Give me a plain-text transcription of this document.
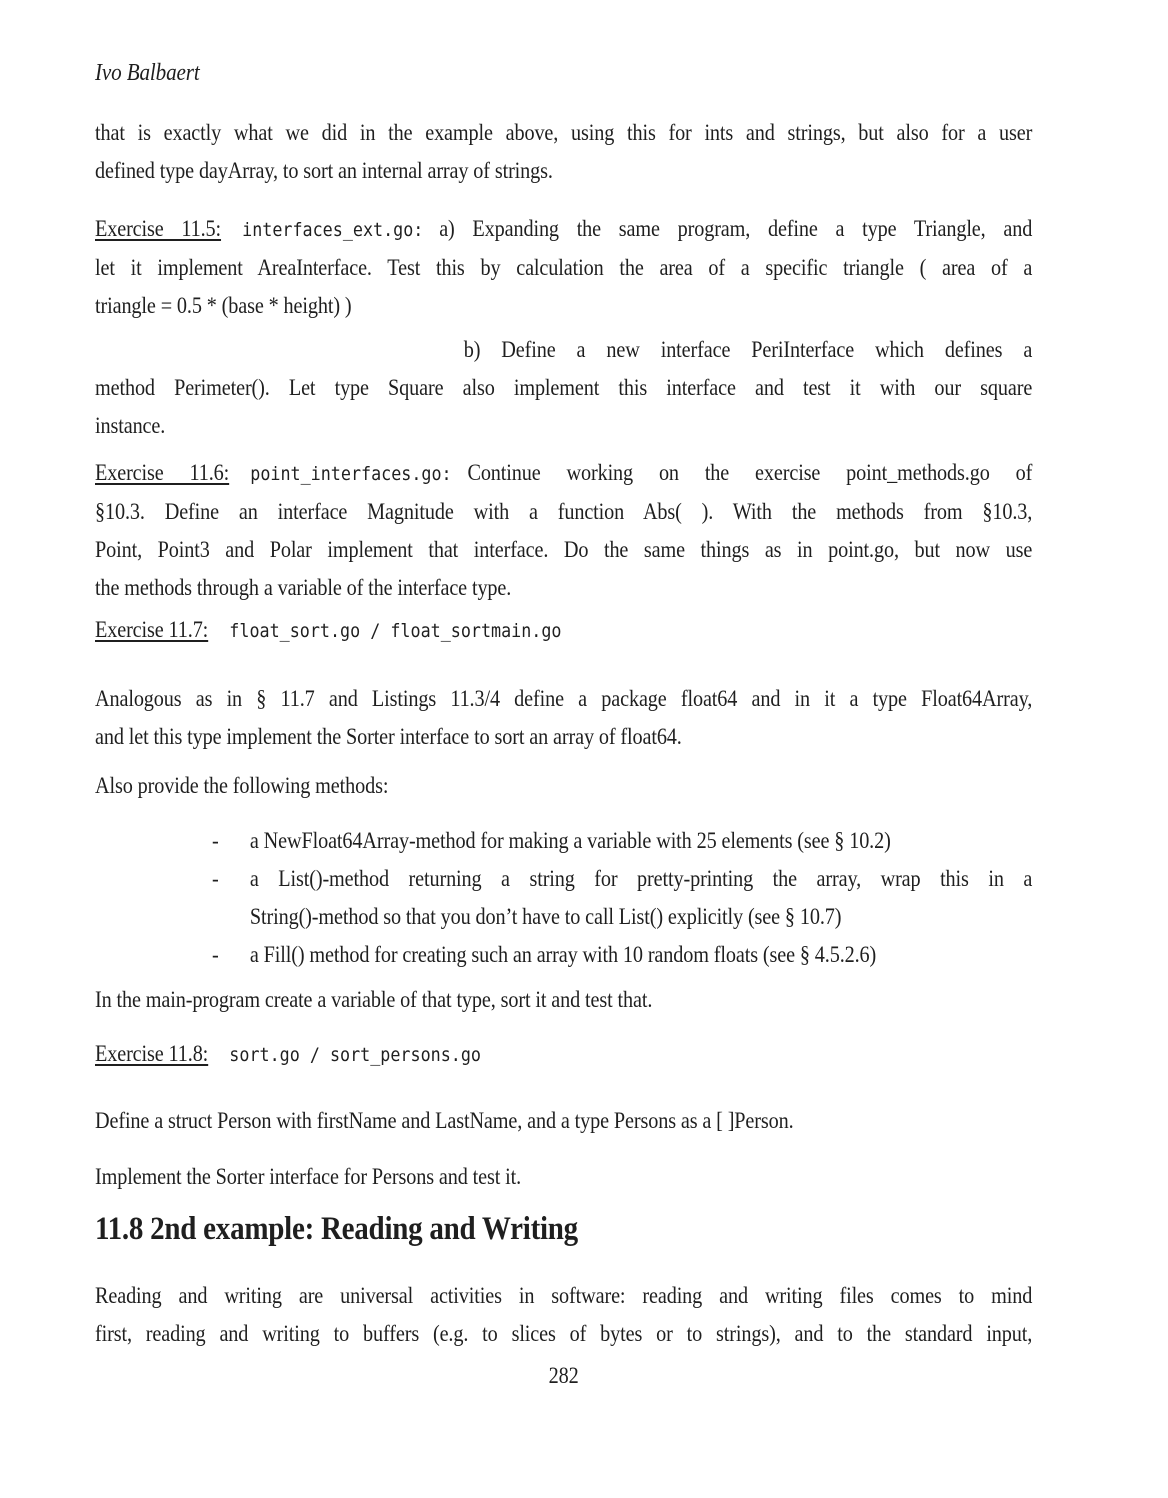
Ivo Balbaert
that is exactly what we did in the example above, using this for ints and strings, but also for a user
defined type dayArray, to sort an internal array of strings.
Exercise 11.5: interfaces_ext.go: a) Expanding the same program, define a type Triangle, and
let it implement AreaInterface. Test this by calculation the area of a specific triangle ( area of a
triangle = 0.5 * (base * height) )
b) Define a new interface PeriInterface which defines a
method Perimeter(). Let type Square also implement this interface and test it with our square
instance.
Exercise 11.6: point_interfaces.go: Continue working on the exercise point_methods.go of
§10.3. Define an interface Magnitude with a function Abs( ). With the methods from §10.3,
Point, Point3 and Polar implement that interface. Do the same things as in point.go, but now use
the methods through a variable of the interface type.
Exercise 11.7: float_sort.go / float_sortmain.go
Analogous as in § 11.7 and Listings 11.3/4 define a package float64 and in it a type Float64Array,
and let this type implement the Sorter interface to sort an array of float64.
Also provide the following methods:
- a NewFloat64Array-method for making a variable with 25 elements (see § 10.2)
- a List()-method returning a string for pretty-printing the array, wrap this in a
String()-method so that you don’t have to call List() explicitly (see § 10.7)
- a Fill() method for creating such an array with 10 random floats (see § 4.5.2.6)
In the main-program create a variable of that type, sort it and test that.
Exercise 11.8: sort.go / sort_persons.go
Define a struct Person with firstName and LastName, and a type Persons as a [ ]Person.
Implement the Sorter interface for Persons and test it.
11.8 2nd example: Reading and Writing
Reading and writing are universal activities in software: reading and writing files comes to mind
first, reading and writing to buffers (e.g. to slices of bytes or to strings), and to the standard input,
282
